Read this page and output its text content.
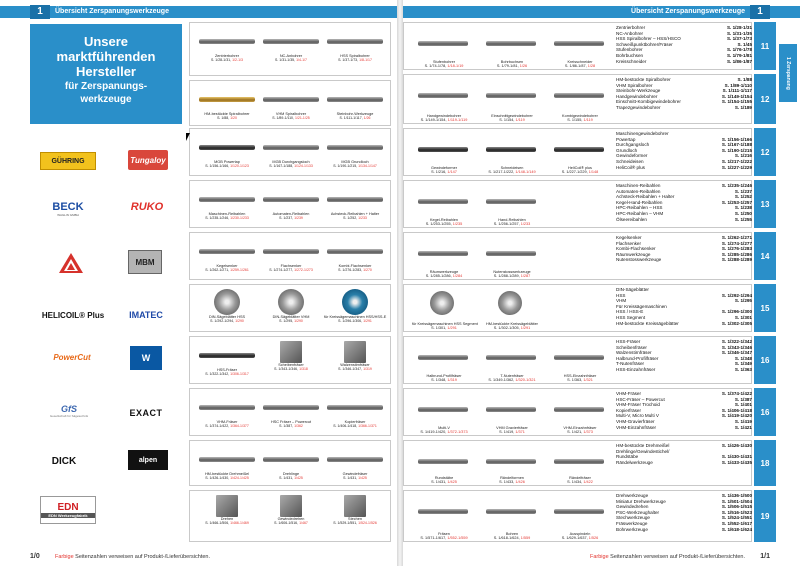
1	Übersicht Zerspanungswerkzeuge
Unsere
marktführenden
Hersteller
für Zerspanungs-
werkzeuge
GÜHRING	Tungaloy
BECK
WAGLIN GMBH
RUKO
MBM
HELICOIL® Plus	IMATEC
PowerCut	W
GfS
Gesellschaft für Sägetechnik	EXACT
DICK	alpen
EDN
EDN Werkzeugfabrik
Zentrierbohrer
S. 1/28-1/31, 1/2-1/3
NC-Anbohrer
S. 1/31-1/35, 1/4-1/7
HSS Spiralbohrer
S. 1/37-1/73, 1/8-1/17
HM-bestückte Spiralbohrer
S. 1/88, 1/20
VHM Spiralbohrer
S. 1/89-1/110, 1/21-1/25
Steinbohr-Werkzeuge
S. 1/111-1/117, 1/26
MGB Powertap
S. 1/156-1/166, 1/120-1/123
MGB Durchgangsloch
S. 1/167-1/188, 1/124-1/133
MGB Grundloch
S. 1/190-1/215, 1/134-1/147
Maschinen-Reibahlen
S. 1/235-1/246, 1/230-1/233
Automaten-Reibahlen
S. 1/237, 1/239
Achsteck-Reibahlen + Halter
S. 1/252, 1/233
Kegelsenker
S. 1/262-1/271, 1/259-1/261
Flachsenker
S. 1/274-1/277, 1/272-1/273
Kombi-Flachsenker
S. 1/276-1/283, 1/270
DIN-Sägeblätter HSS
S. 1/292-1/294, 1/290
DIN-Sägeblätter VHM
S. 1/295, 1/290
für Kreissägemaschinen HSS/HSS-E
S. 1/296-1/306, 1/291
HSS-Fräser
S. 1/322-1/342, 1/306-1/317
Scheibenfräser
S. 1/343-1/346, 1/318
Walzenstirnfräser
S. 1/346-1/347, 1/319
VHM-Fräser
S. 1/374-1/422, 1/364-1/377
HSC Fräser – Powercut
S. 1/387, 1/362
Kopierfräser
S. 1/406-1/418, 1/366-1/371
HM-bestückte Drehmeißel
S. 1/426-1/430, 1/424-1/425
Drehlinge
S. 1/431, 1/425
Gewindefräser
S. 1/431, 1/425
Drehen
S. 1/466-1/506, 1/466-1/469
Gewindedrehen
S. 1/606-1/516, 1/467
Stechen
S. 1/529-1/551, 1/524-1/526
1/0	Farbige Seitenzahlen verweisen auf Produkt-/Lieferübersichten.
1
Übersicht Zerspanungswerkzeuge
Stufenbohrer
S. 1/74-1/78, 1/18-1/19
Bohrbuchsen
S. 1/79-1/81, 1/26
Kreisschneider
S. 1/86-1/87, 1/28
Zentrierbohrer	S. 1/28-1/31
NC-Anbohrer	S. 1/31-1/35
HSS Spiralbohrer – HSS/HSCO	S. 1/37-1/73
Schweißpunktbohrer/Fräser	S. 1/45
Stufenbohrer	S. 1/76-1/78
Bohrbuchsen	S. 1/79-1/81
Kreisschneider	S. 1/86-1/87
11
Handgewindebohrer
S. 1/149-1/154, 1/119-1/119
Einschnittgewindebohrer
S. 1/154, 1/119
Kombigewindebohrer
S. 1/155, 1/119
HM-bestückte Spiralbohrer	S. 1/88
VHM Spiralbohrer	S. 1/89-1/110
Steinbohr-Werkzeuge	S. 1/111-1/117
Handgewindebohrer	S. 1/149-1/154
Einschnitt-Kombigewindebohrer	S. 1/154-1/155
Trapezgewindebohrer	S. 1/189
12
Gewindeformer
S. 1/216, 1/147
Schneideisen
S. 1/217-1/222, 1/148-1/149
HeliCoil® plus
S. 1/227-1/229, 1/148
Maschinengewindebohrer
Powertap	S. 1/156-1/166
Durchgangsloch	S. 1/167-1/188
Grundloch	S. 1/190-1/215
Gewindeformer	S. 1/216
Schneideisen	S. 1/217-1/222
HeliCoil® plus	S. 1/227-1/229
12
Kegel-Reibahlen
S. 1/253-1/255, 1/235
Hand-Reibahlen
S. 1/256-1/257, 1/233
Maschinen-Reibahlen	S. 1/235-1/246
Automaten-Reibahlen	S. 1/237
Achsteck-Reibahlen + Halter	S. 1/252
Kegel-Hand-Reibahlen	S. 1/253-1/257
HPC-Reibahlen – HSS	S. 1/238
HPC-Reibahlen – VHM	S. 1/250
Ölseereibahlen	S. 1/255
13
Räumwerkzeuge
S. 1/285-1/286, 1/284
Nutenstosswerkzeuge
S. 1/288-1/289, 1/287
Kegelsenker	S. 1/262-1/271
Flachsenker	S. 1/274-1/277
Kombi-Flachsenker	S. 1/276-1/283
Räumwerkzeuge	S. 1/285-1/286
Nutenstosswerkzeuge	S. 1/288-1/289	14
für Kreissägemaschinen HSS Segment
S. 1/301, 1/291
HM-bestückte Kreissägeblätter
S. 1/302-1/305, 1/291
DIN-Sägeblätter
HSS	S. 1/292-1/294
VHM	S. 1/295
Für Kreissägemaschinen
HSS / HSS-E	S. 1/296-1/300
HSS Segment	S. 1/301
HM-bestückte Kreissägeblätter	S. 1/302-1/305
15
Halbrund-Profilfräser
S. 1/348, 1/319
T-Nutenfräser
S. 1/349-1/362, 1/320-1/321
HSS-Einzahnfräser
S. 1/363, 1/321
HSS-Fräser	S. 1/322-1/342
Scheibenfräser	S. 1/343-1/346
Walzenstirnfräser	S. 1/346-1/347
Halbrund-Profilfräser	S. 1/348
T-Nutenfräser	S. 1/349
HSS-Einzahnfräser	S. 1/363
16
Multi-V
S. 1/419-1/420, 1/372-1/373
VHM Gravierfräser
S. 1/419, 1/371
VHM-Einzahnfräser
S. 1/421, 1/373
VHM-Fräser	S. 1/374-1/422
HSC-Fräser – Powercut	S. 1/387
VHM-Fräser Trochoid	S. 1/401
Kopierfräser	S. 1/406-1/418
Multi-V, Micro Multi V	S. 1/419-1/420
VHM-Gravierfräser	S. 1/419
VHM-Einzahnfräser	S. 1/421
16
Rundstäbe
S. 1/431, 1/425
Rändelformen
S. 1/433, 1/426
Rändelfräser
S. 1/434, 1/422
HM-bestückte Drehmeißel	S. 1/426-1/430
Drehlinge/Gewindestichel/
Rundstäbe	S. 1/430-1/431
Rändelwerkzeuge	S. 1/433-1/435	18
Fräsen
S. 1/571-1/617, 1/552-1/559
Bohren
S. 1/618-1/624, 1/559
Ausspindeln
S. 1/629-1/637, 1/526
Drehwerkzeuge	S. 1/436-1/500
Miniatur Drehwerkzeuge	S. 1/501-1/504
Gewindedrehen	S. 1/506-1/515
PSC-Werkzeughalter	S. 1/516-1/523
Stechwerkzeuge	S. 1/524-1/551
Fräswerkzeuge	S. 1/552-1/617
Bohrwerkzeuge	S. 1/618-1/624
19
1 Zerspanung
1/1
Farbige Seitenzahlen verweisen auf Produkt-/Lieferübersichten.
